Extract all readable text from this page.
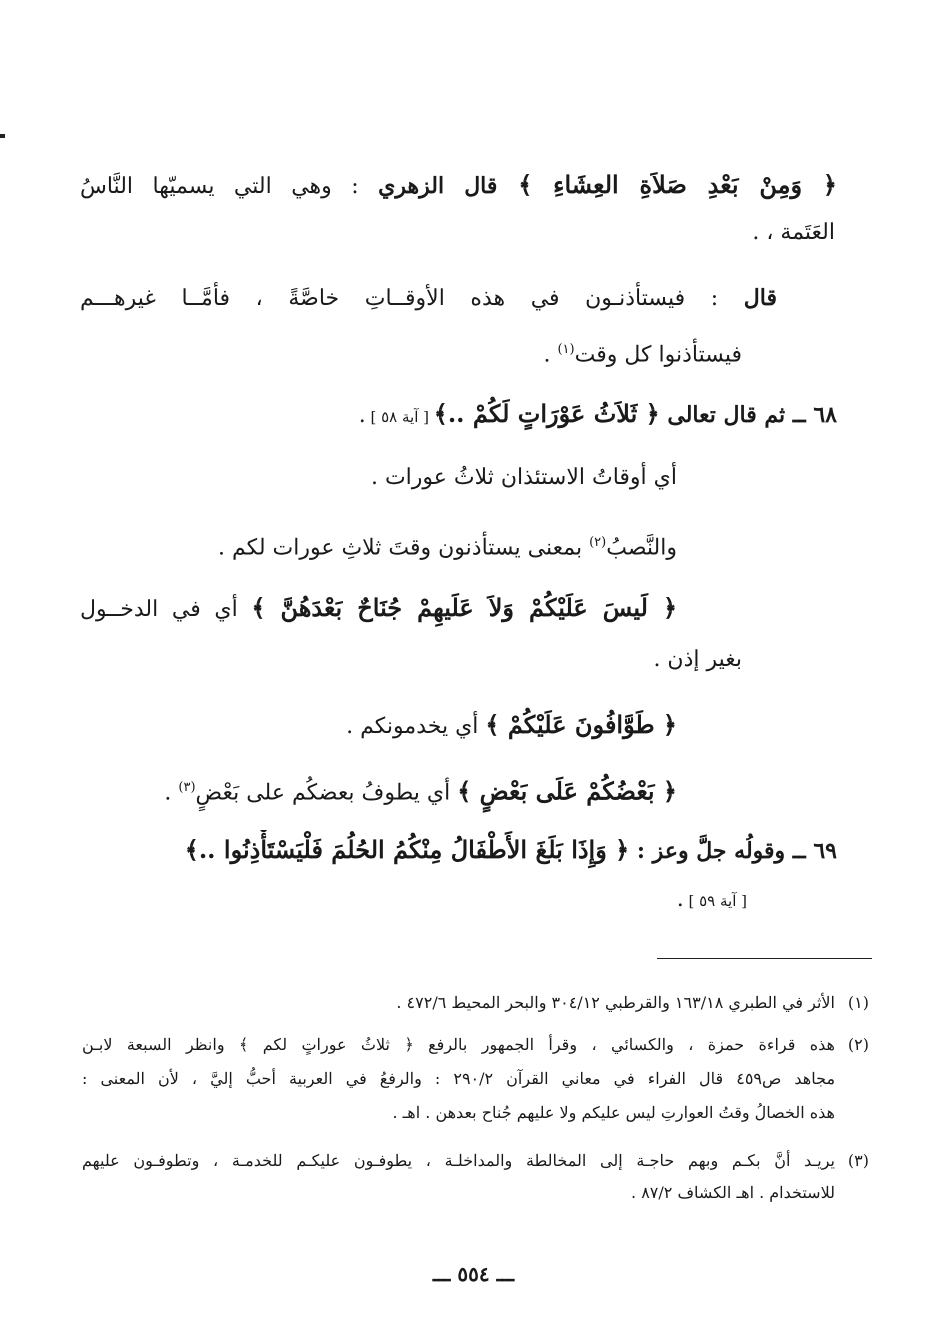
﴿ وَمِنْ بَعْدِ صَلاَةِ العِشَاءِ ﴾ قال الزهري : وهي التي يسميّها النَّاسُ
العَتَمة ، .
قال : فيستأذنـون في هذه الأوقــاتِ خاصَّةً ، فأمَّــا غيرهـــم
فيستأذنوا كل وقت$^{(١)}$ .
٦٨ ــ ثم قال تعالى ﴿ ثَلاَثُ عَوْرَاتٍ لَكُمْ ..﴾ [ آية ٥٨ ] .
أي أوقاتُ الاستئذان ثلاثُ عورات .
والنَّصبُ$^{(٢)}$ بمعنى يستأذنون وقتَ ثلاثِ عورات لكم .
﴿ لَيسَ عَلَيْكُمْ وَلاَ عَلَيهِمْ جُنَاحٌ بَعْدَهُنَّ ﴾ أي في الدخــول
بغير إذن .
﴿ طَوَّافُونَ عَلَيْكُمْ ﴾ أي يخدمونكم .
﴿ بَعْضُكُمْ عَلَى بَعْضٍ ﴾ أي يطوفُ بعضكُم على بَعْضٍ$^{(٣)}$ .
٦٩ ــ وقولُه جلَّ وعز : ﴿ وَإِذَا بَلَغَ الأَطْفَالُ مِنْكُمُ الحُلُمَ فَلْيَسْتَأْذِنُوا ..﴾
[ آية ٥٩ ] .
(١)
الأثر في الطبري ١٦٣/١٨ والقرطبي ٣٠٤/١٢ والبحر المحيط ٤٧٢/٦ .
(٢)
هذه قراءة حمزة ، والكسائي ، وقرأ الجمهور بالرفع ﴿ ثلاثُ عوراتٍ لكم ﴾ وانظر السبعة لابـن
مجاهد ص٤٥٩ قال الفراء في معاني القرآن ٢٩٠/٢ : والرفعُ في العربية أحبُّ إليَّ ، لأن المعنى :
هذه الخصالُ وقتُ العوارتِ ليس عليكم ولا عليهم جُناح بعدهن . اهـ .
(٣)
يريـد أنَّ بكـم وبهم حاجـة إلى المخالطة والمداخلـة ، يطوفـون عليكـم للخدمـة ، وتطوفـون عليهم
للاستخدام . اهـ الكشاف ٨٧/٢ .
ـــ ٥٥٤ ـــ
